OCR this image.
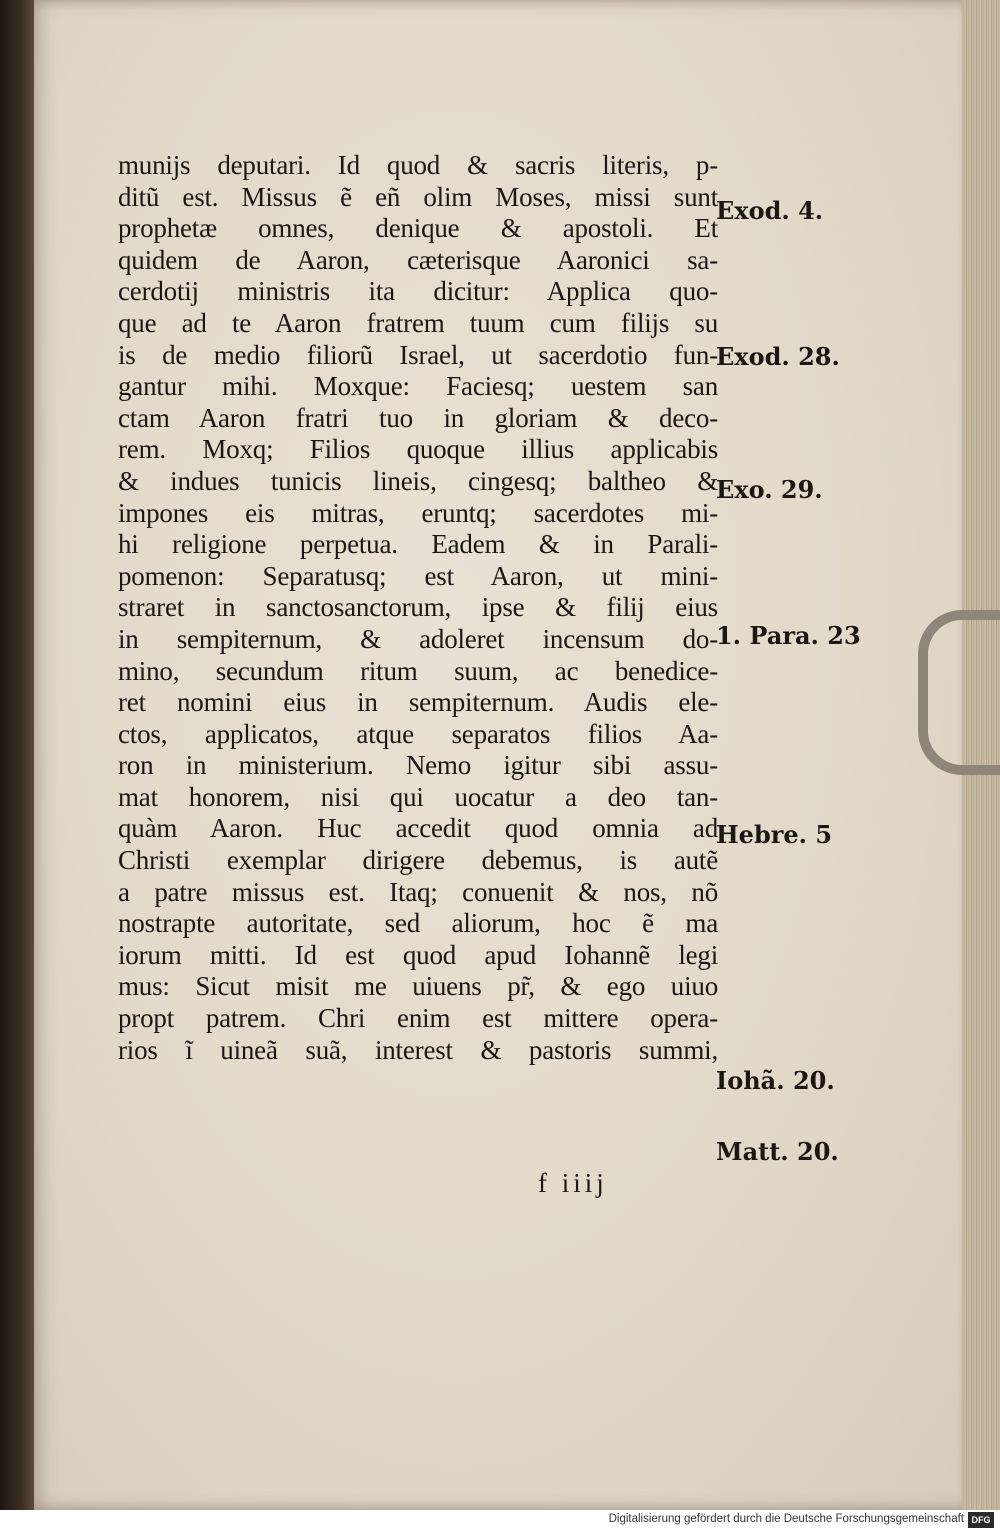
munijs deputari. Id quod & sacris literis, p-
ditũ est. Missus ẽ eñ olim Moses, missi sunt
prophetæ omnes, denique & apostoli. Et
quidem de Aaron, cæterisque Aaronici sa-
cerdotij ministris ita dicitur: Applica quo-
que ad te Aaron fratrem tuum cum filijs su
is de medio filiorũ Israel, ut sacerdotio fun-
gantur mihi. Moxque: Faciesq; uestem san
ctam Aaron fratri tuo in gloriam & deco-
rem. Moxq; Filios quoque illius applicabis
& indues tunicis lineis, cingesq; baltheo &
impones eis mitras, eruntq; sacerdotes mi-
hi religione perpetua. Eadem & in Parali-
pomenon: Separatusq; est Aaron, ut mini-
straret in sanctosanctorum, ipse & filij eius
in sempiternum, & adoleret incensum do-
mino, secundum ritum suum, ac benedice-
ret nomini eius in sempiternum. Audis ele-
ctos, applicatos, atque separatos filios Aa-
ron in ministerium. Nemo igitur sibi assu-
mat honorem, nisi qui uocatur a deo tan-
quàm Aaron. Huc accedit quod omnia ad
Christi exemplar dirigere debemus, is autẽ
a patre missus est. Itaq; conuenit & nos, nõ
nostrapte autoritate, sed aliorum, hoc ẽ ma
iorum mitti. Id est quod apud Iohannẽ legi
mus: Sicut misit me uiuens pr̃, & ego uiuo
propt patrem. Chri enim est mittere opera-
rios ĩ uineã suã, interest & pastoris summi,
f iiij
Exod. 4.
Exod. 28.
Exo. 29.
1. Para. 23
Hebre. 5
Iohã. 20.
Matt. 20.
Digitalisierung gefördert durch die Deutsche Forschungsgemeinschaft DFG
